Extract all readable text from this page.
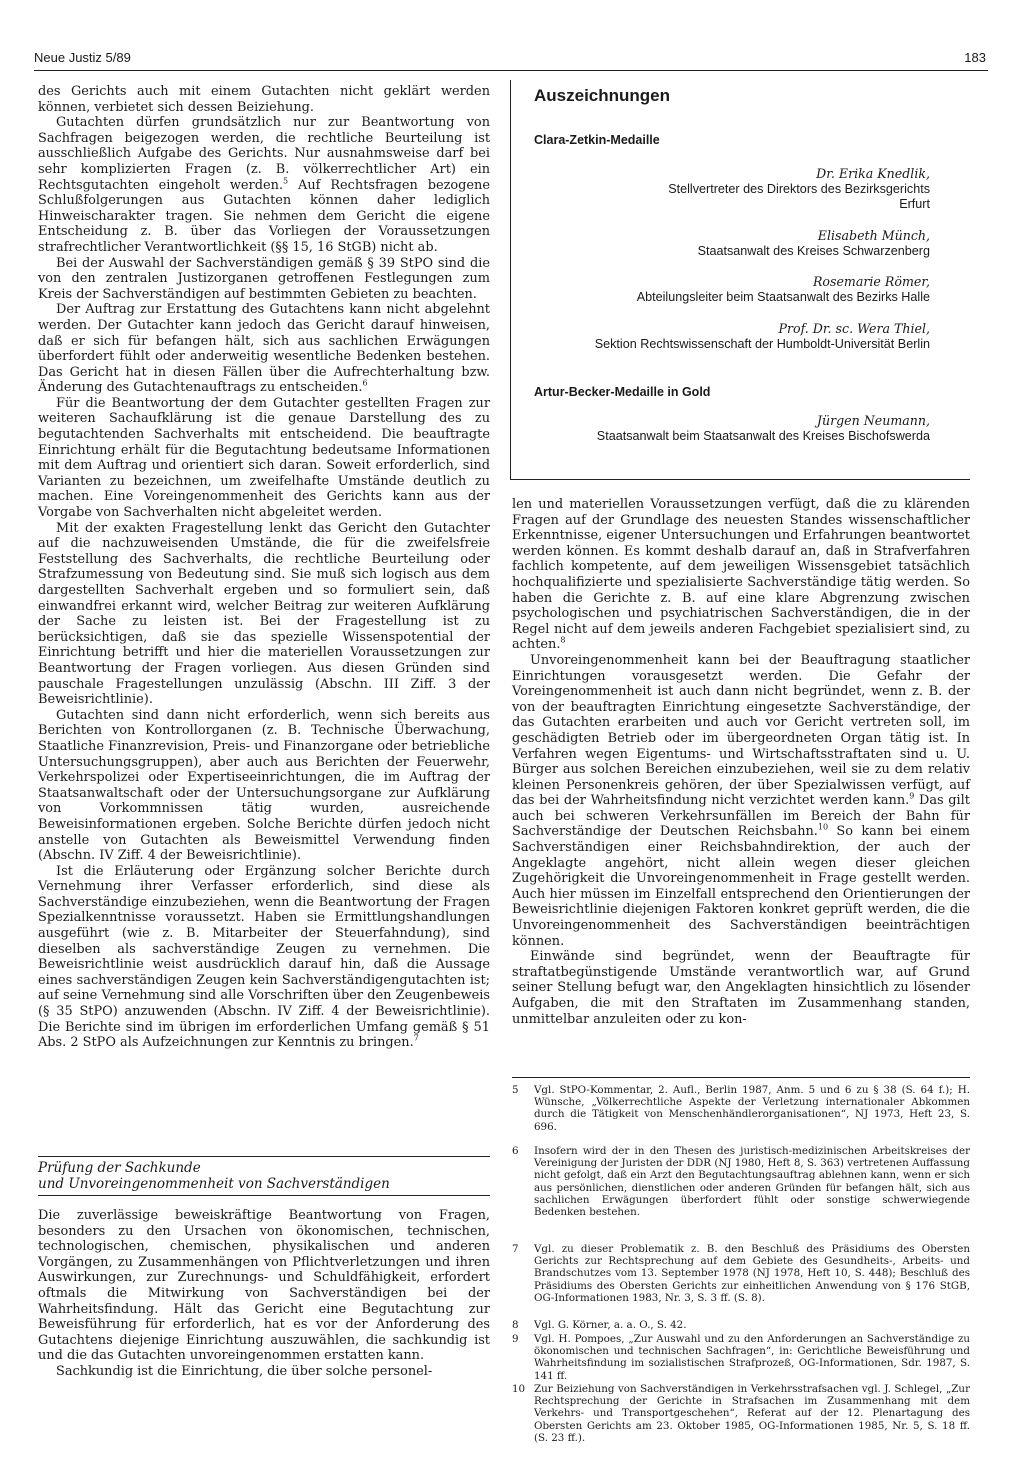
Neue Justiz 5/89	183

des Gerichts auch mit einem Gutachten nicht geklärt werden können, verbietet sich dessen Beiziehung.

Gutachten dürfen grundsätzlich nur zur Beantwortung von Sachfragen beigezogen werden, die rechtliche Beurteilung ist ausschließlich Aufgabe des Gerichts. Nur ausnahmsweise darf bei sehr komplizierten Fragen (z. B. völkerrechtlicher Art) ein Rechtsgutachten eingeholt werden.$^5$ Auf Rechtsfragen bezogene Schlußfolgerungen aus Gutachten können daher lediglich Hinweischarakter tragen. Sie nehmen dem Gericht die eigene Entscheidung z. B. über das Vorliegen der Voraussetzungen strafrechtlicher Verantwortlichkeit (§§ 15, 16 StGB) nicht ab.

Bei der Auswahl der Sachverständigen gemäß § 39 StPO sind die von den zentralen Justizorganen getroffenen Festlegungen zum Kreis der Sachverständigen auf bestimmten Gebieten zu beachten.

Der Auftrag zur Erstattung des Gutachtens kann nicht abgelehnt werden. Der Gutachter kann jedoch das Gericht darauf hinweisen, daß er sich für befangen hält, sich aus sachlichen Erwägungen überfordert fühlt oder anderweitig wesentliche Bedenken bestehen. Das Gericht hat in diesen Fällen über die Aufrechterhaltung bzw. Änderung des Gutachtenauftrags zu entscheiden.$^6$

Für die Beantwortung der dem Gutachter gestellten Fragen zur weiteren Sachaufklärung ist die genaue Darstellung des zu begutachtenden Sachverhalts mit entscheidend. Die beauftragte Einrichtung erhält für die Begutachtung bedeutsame Informationen mit dem Auftrag und orientiert sich daran. Soweit erforderlich, sind Varianten zu bezeichnen, um zweifelhafte Umstände deutlich zu machen. Eine Voreingenommenheit des Gerichts kann aus der Vorgabe von Sachverhalten nicht abgeleitet werden.

Mit der exakten Fragestellung lenkt das Gericht den Gutachter auf die nachzuweisenden Umstände, die für die zweifelsfreie Feststellung des Sachverhalts, die rechtliche Beurteilung oder Strafzumessung von Bedeutung sind. Sie muß sich logisch aus dem dargestellten Sachverhalt ergeben und so formuliert sein, daß einwandfrei erkannt wird, welcher Beitrag zur weiteren Aufklärung der Sache zu leisten ist. Bei der Fragestellung ist zu berücksichtigen, daß sie das spezielle Wissenspotential der Einrichtung betrifft und hier die materiellen Voraussetzungen zur Beantwortung der Fragen vorliegen. Aus diesen Gründen sind pauschale Fragestellungen unzulässig (Abschn. III Ziff. 3 der Beweisrichtlinie).

Gutachten sind dann nicht erforderlich, wenn sich bereits aus Berichten von Kontrollorganen (z. B. Technische Überwachung, Staatliche Finanzrevision, Preis- und Finanzorgane oder betriebliche Untersuchungsgruppen), aber auch aus Berichten der Feuerwehr, Verkehrspolizei oder Expertiseeinrichtungen, die im Auftrag der Staatsanwaltschaft oder der Untersuchungsorgane zur Aufklärung von Vorkommnissen tätig wurden, ausreichende Beweisinformationen ergeben. Solche Berichte dürfen jedoch nicht anstelle von Gutachten als Beweismittel Verwendung finden (Abschn. IV Ziff. 4 der Beweisrichtlinie).

Ist die Erläuterung oder Ergänzung solcher Berichte durch Vernehmung ihrer Verfasser erforderlich, sind diese als Sachverständige einzubeziehen, wenn die Beantwortung der Fragen Spezialkenntnisse voraussetzt. Haben sie Ermittlungshandlungen ausgeführt (wie z. B. Mitarbeiter der Steuerfahndung), sind dieselben als sachverständige Zeugen zu vernehmen. Die Beweisrichtlinie weist ausdrücklich darauf hin, daß die Aussage eines sachverständigen Zeugen kein Sachverständigengutachten ist; auf seine Vernehmung sind alle Vorschriften über den Zeugenbeweis (§ 35 StPO) anzuwenden (Abschn. IV Ziff. 4 der Beweisrichtlinie). Die Berichte sind im übrigen im erforderlichen Umfang gemäß § 51 Abs. 2 StPO als Aufzeichnungen zur Kenntnis zu bringen.$^7$

Prüfung der Sachkunde
und Unvoreingenommenheit von Sachverständigen

Die zuverlässige beweiskräftige Beantwortung von Fragen, besonders zu den Ursachen von ökonomischen, technischen, technologischen, chemischen, physikalischen und anderen Vorgängen, zu Zusammenhängen von Pflichtverletzungen und ihren Auswirkungen, zur Zurechnungs- und Schuldfähigkeit, erfordert oftmals die Mitwirkung von Sachverständigen bei der Wahrheitsfindung. Hält das Gericht eine Begutachtung zur Beweisführung für erforderlich, hat es vor der Anforderung des Gutachtens diejenige Einrichtung auszuwählen, die sachkundig ist und die das Gutachten unvoreingenommen erstatten kann.

Sachkundig ist die Einrichtung, die über solche personel-

Auszeichnungen
Clara-Zetkin-Medaille
Dr. Erika Knedlik,
Stellvertreter des Direktors des Bezirksgerichts
Erfurt
Elisabeth Münch,
Staatsanwalt des Kreises Schwarzenberg
Rosemarie Römer,
Abteilungsleiter beim Staatsanwalt des Bezirks Halle
Prof. Dr. sc. Wera Thiel,
Sektion Rechtswissenschaft der Humboldt-Universität Berlin
Artur-Becker-Medaille in Gold
Jürgen Neumann,
Staatsanwalt beim Staatsanwalt des Kreises Bischofswerda

len und materiellen Voraussetzungen verfügt, daß die zu klärenden Fragen auf der Grundlage des neuesten Standes wissenschaftlicher Erkenntnisse, eigener Untersuchungen und Erfahrungen beantwortet werden können. Es kommt deshalb darauf an, daß in Strafverfahren fachlich kompetente, auf dem jeweiligen Wissensgebiet tatsächlich hochqualifizierte und spezialisierte Sachverständige tätig werden. So haben die Gerichte z. B. auf eine klare Abgrenzung zwischen psychologischen und psychiatrischen Sachverständigen, die in der Regel nicht auf dem jeweils anderen Fachgebiet spezialisiert sind, zu achten.$^8$

Unvoreingenommenheit kann bei der Beauftragung staatlicher Einrichtungen vorausgesetzt werden. Die Gefahr der Voreingenommenheit ist auch dann nicht begründet, wenn z. B. der von der beauftragten Einrichtung eingesetzte Sachverständige, der das Gutachten erarbeiten und auch vor Gericht vertreten soll, im geschädigten Betrieb oder im übergeordneten Organ tätig ist. In Verfahren wegen Eigentums- und Wirtschaftsstraftaten sind u. U. Bürger aus solchen Bereichen einzubeziehen, weil sie zu dem relativ kleinen Personenkreis gehören, der über Spezialwissen verfügt, auf das bei der Wahrheitsfindung nicht verzichtet werden kann.$^9$ Das gilt auch bei schweren Verkehrsunfällen im Bereich der Bahn für Sachverständige der Deutschen Reichsbahn.$^{10}$ So kann bei einem Sachverständigen einer Reichsbahndirektion, der auch der Angeklagte angehört, nicht allein wegen dieser gleichen Zugehörigkeit die Unvoreingenommenheit in Frage gestellt werden. Auch hier müssen im Einzelfall entsprechend den Orientierungen der Beweisrichtlinie diejenigen Faktoren konkret geprüft werden, die die Unvoreingenommenheit des Sachverständigen beeinträchtigen können.

Einwände sind begründet, wenn der Beauftragte für straftatbegünstigende Umstände verantwortlich war, auf Grund seiner Stellung befugt war, den Angeklagten hinsichtlich zu lösender Aufgaben, die mit den Straftaten im Zusammenhang standen, unmittelbar anzuleiten oder zu kon-

5	Vgl. StPO-Kommentar, 2. Aufl., Berlin 1987, Anm. 5 und 6 zu § 38 (S. 64 f.); H. Wünsche, „Völkerrechtliche Aspekte der Verletzung internationaler Abkommen durch die Tätigkeit von Menschenhändlerorganisationen“, NJ 1973, Heft 23, S. 696.
6	Insofern wird der in den Thesen des juristisch-medizinischen Arbeitskreises der Vereinigung der Juristen der DDR (NJ 1980, Heft 8, S. 363) vertretenen Auffassung nicht gefolgt, daß ein Arzt den Begutachtungsauftrag ablehnen kann, wenn er sich aus persönlichen, dienstlichen oder anderen Gründen für befangen hält, sich aus sachlichen Erwägungen überfordert fühlt oder sonstige schwerwiegende Bedenken bestehen.
7	Vgl. zu dieser Problematik z. B. den Beschluß des Präsidiums des Obersten Gerichts zur Rechtsprechung auf dem Gebiete des Gesundheits-, Arbeits- und Brandschutzes vom 13. September 1978 (NJ 1978, Heft 10, S. 448); Beschluß des Präsidiums des Obersten Gerichts zur einheitlichen Anwendung von § 176 StGB, OG-Informationen 1983, Nr. 3, S. 3 ff. (S. 8).
8	Vgl. G. Körner, a. a. O., S. 42.
9	Vgl. H. Pompoes, „Zur Auswahl und zu den Anforderungen an Sachverständige zu ökonomischen und technischen Sachfragen“, in: Gerichtliche Beweisführung und Wahrheitsfindung im sozialistischen Strafprozeß, OG-Informationen, Sdr. 1987, S. 141 ff.
10 Zur Beiziehung von Sachverständigen in Verkehrsstrafsachen vgl. J. Schlegel, „Zur Rechtsprechung der Gerichte in Strafsachen im Zusammenhang mit dem Verkehrs- und Transportgeschehen“, Referat auf der 12. Plenartagung des Obersten Gerichts am 23. Oktober 1985, OG-Informationen 1985, Nr. 5, S. 18 ff. (S. 23 ff.).
